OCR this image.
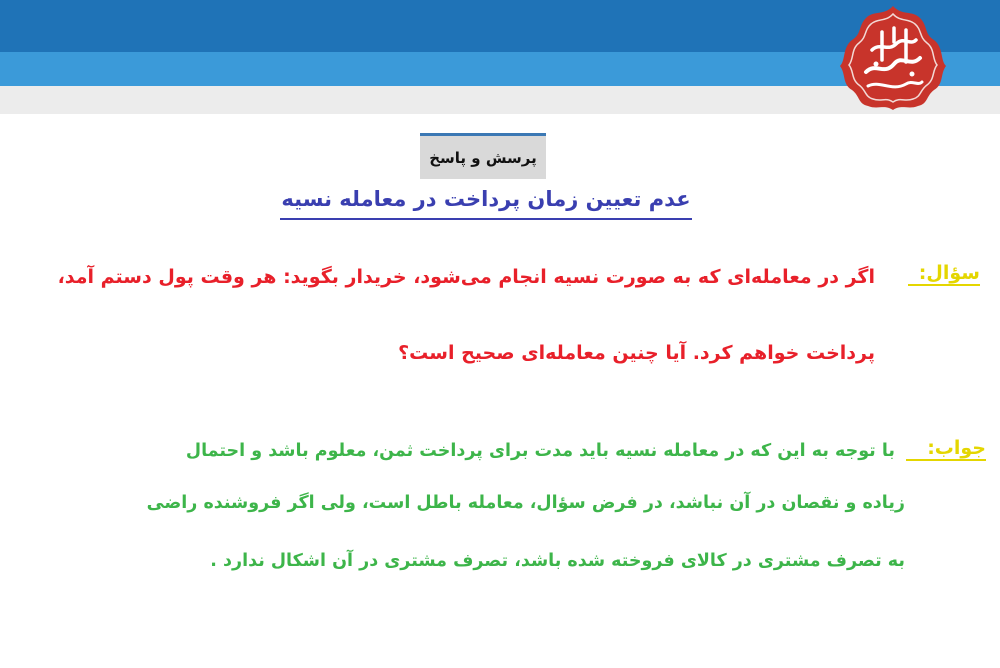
پرسش و پاسخ
عدم تعیین زمان پرداخت در معامله نسیه
سؤال:
اگر در معامله‌ای که به صورت نسیه انجام می‌شود، خریدار بگوید: هر وقت پول دستم آمد،
پرداخت خواهم کرد. آیا چنین معامله‌ای صحیح است؟
جواب:
با توجه به این که در معامله نسیه باید مدت برای پرداخت ثمن، معلوم باشد و احتمال
زیاده و نقصان در آن نباشد، در فرض سؤال، معامله باطل است، ولی اگر فروشنده راضی
به تصرف مشتری در کالای فروخته شده باشد، تصرف مشتری در آن اشکال ندارد .
